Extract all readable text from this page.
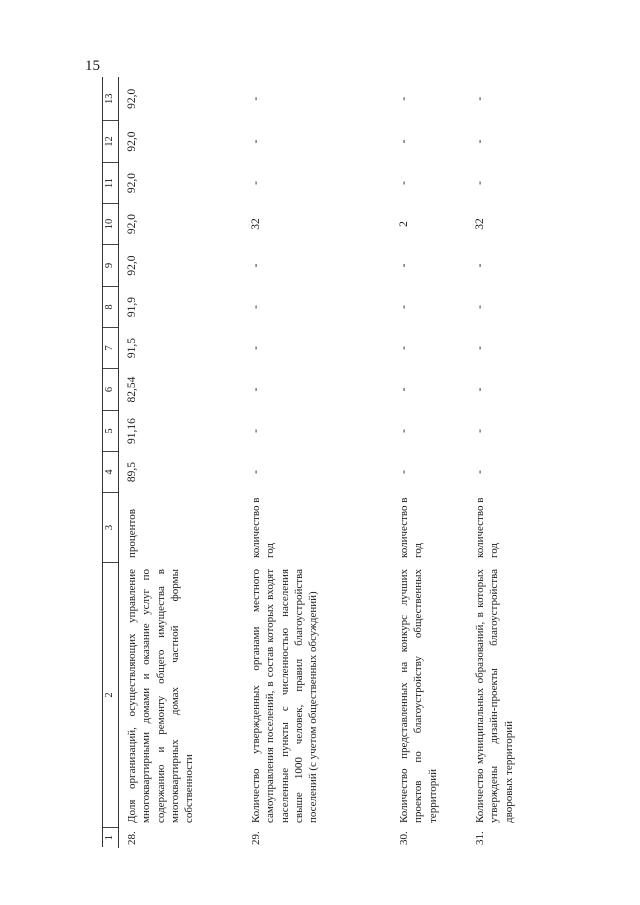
15
1	2	3	4	5	6	7	8	9	10	11	12	13
28.	Доля организаций, осуществляющих управление многоквартирными домами и оказание услуг по содержанию и ремонту общего имущества в многоквартирных домах частной формы собственности	процентов	89,5	91,16	82,54	91,5	91,9	92,0	92,0	92,0	92,0	92,0
29.	Количество утвержденных органами местного самоуправления поселений, в состав которых входят населенные пункты с численностью населения свыше 1000 человек, правил благоустройства поселений (с учетом общественных обсуждений)	количество в год	-	-	-	-	-	-	32	-	-	-
30.	Количество представленных на конкурс лучших проектов по благоустройству общественных территорий	количество в год	-	-	-	-	-	-	2	-	-	-
31.	Количество муниципальных образований, в которых утверждены дизайн-проекты благоустройства дворовых территорий	количество в год	-	-	-	-	-	-	32	-	-	-
